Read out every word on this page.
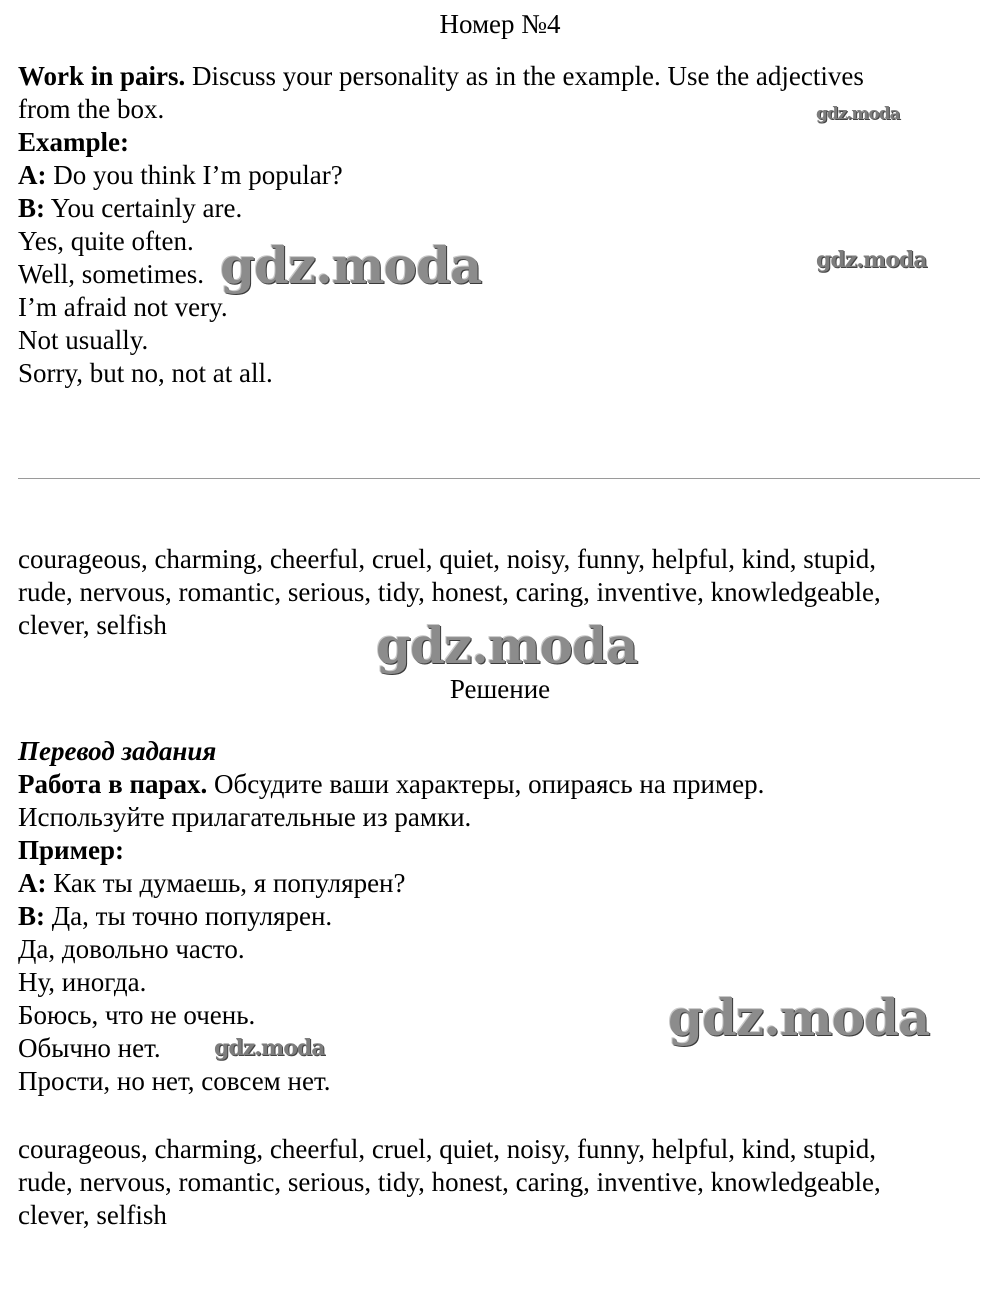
Номер №4
Work in pairs. Discuss your personality as in the example. Use the adjectives
from the box.
Example:
A: Do you think I’m popular?
B: You certainly are.
Yes, quite often.
Well, sometimes.
I’m afraid not very.
Not usually.
Sorry, but no, not at all.
courageous, charming, cheerful, cruel, quiet, noisy, funny, helpful, kind, stupid,
rude, nervous, romantic, serious, tidy, honest, caring, inventive, knowledgeable,
clever, selfish
Решение
Перевод задания
Работа в парах. Обсудите ваши характеры, опираясь на пример.
Используйте прилагательные из рамки.
Пример:
A: Как ты думаешь, я популярен?
B: Да, ты точно популярен.
Да, довольно часто.
Ну, иногда.
Боюсь, что не очень.
Обычно нет.
Прости, но нет, совсем нет.
courageous, charming, cheerful, cruel, quiet, noisy, funny, helpful, kind, stupid,
rude, nervous, romantic, serious, tidy, honest, caring, inventive, knowledgeable,
clever, selfish
gdz.moda
gdz.moda	gdz.moda
gdz.moda
gdz.moda
gdz.moda
